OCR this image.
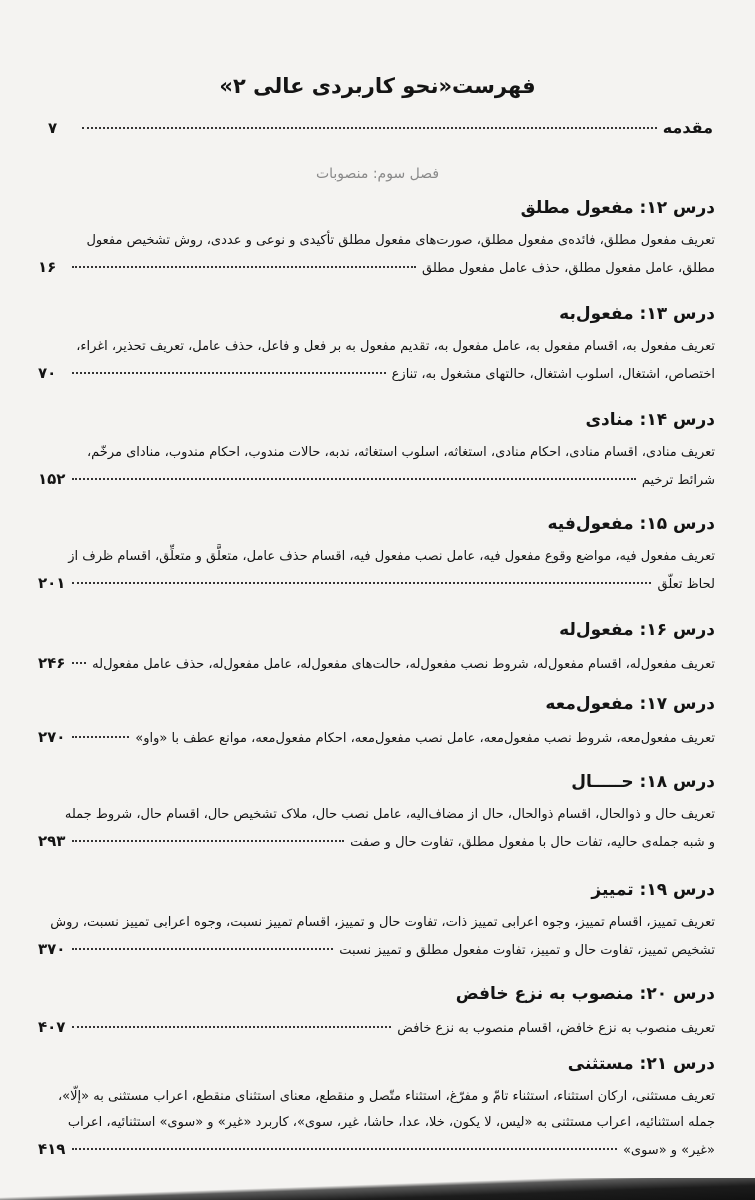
فهرست«نحو کاربردی عالی ۲»
مقدمه
۷
فصل سوم: منصوبات
درس ۱۲: مفعول مطلق
تعریف مفعول مطلق، فائده‌ی مفعول مطلق، صورت‌های مفعول مطلق تأکیدی و نوعی و عددی، روش تشخیص مفعول
مطلق، عامل مفعول مطلق، حذف عامل مفعول مطلق
۱۶
درس ۱۳: مفعول‌به
تعریف مفعول به، اقسام مفعول به، عامل مفعول به، تقدیم مفعول به بر فعل و فاعل، حذف عامل، تعریف تحذیر، اغراء،
اختصاص، اشتغال، اسلوب اشتغال، حالتهای مشغول به، تنازع
۷۰
درس ۱۴: منادی
تعریف منادی، اقسام منادی، احکام منادی، استغاثه، اسلوب استغاثه، ندبه، حالات مندوب، احکام مندوب، منادای مرخّم،
شرائط ترخیم
۱۵۲
درس ۱۵: مفعول‌فیه
تعریف مفعول فیه، مواضع وقوع مفعول فیه، عامل نصب مفعول فیه، اقسام حذف عامل، متعلَّق و متعلِّق، اقسام ظرف از
لحاظ تعلّق
۲۰۱
درس ۱۶: مفعول‌له
تعریف مفعول‌له، اقسام مفعول‌له، شروط نصب مفعول‌له، حالت‌های مفعول‌له، عامل مفعول‌له، حذف عامل مفعول‌له
۲۴۶
درس ۱۷: مفعول‌معه
تعریف مفعول‌معه، شروط نصب مفعول‌معه، عامل نصب مفعول‌معه، احکام مفعول‌معه، موانع عطف با «واو»
۲۷۰
درس ۱۸: حـــــال
تعریف حال و ذوالحال، اقسام ذوالحال، حال از مضاف‌الیه، عامل نصب حال، ملاک تشخیص حال، اقسام حال، شروط جمله
و شبه جمله‌ی حالیه، تفات حال با مفعول مطلق، تفاوت حال و صفت
۲۹۳
درس ۱۹: تمییز
تعریف تمییز، اقسام تمییز، وجوه اعرابی تمییز ذات، تفاوت حال و تمییز، اقسام تمییز نسبت، وجوه اعرابی تمییز نسبت، روش
تشخیص تمییز، تفاوت حال و تمییز، تفاوت مفعول مطلق و تمییز نسبت
۳۷۰
درس ۲۰: منصوب به نزع خافض
تعریف منصوب به نزع خافض، اقسام منصوب به نزع خافض
۴۰۷
درس ۲۱: مستثنی
تعریف مستثنی، ارکان استثناء، استثناء تامّ و مفرّغ، استثناء متّصل و منقطع، معنای استثنای منقطع، اعراب مستثنی به «إلّا»،
جمله استثنائیه، اعراب مستثنی به «لیس، لا یکون، خلا، عدا، حاشا، غیر، سوی»، کاربرد «غیر» و «سوی» استثنائیه، اعراب
«غیر» و «سوی»
۴۱۹
